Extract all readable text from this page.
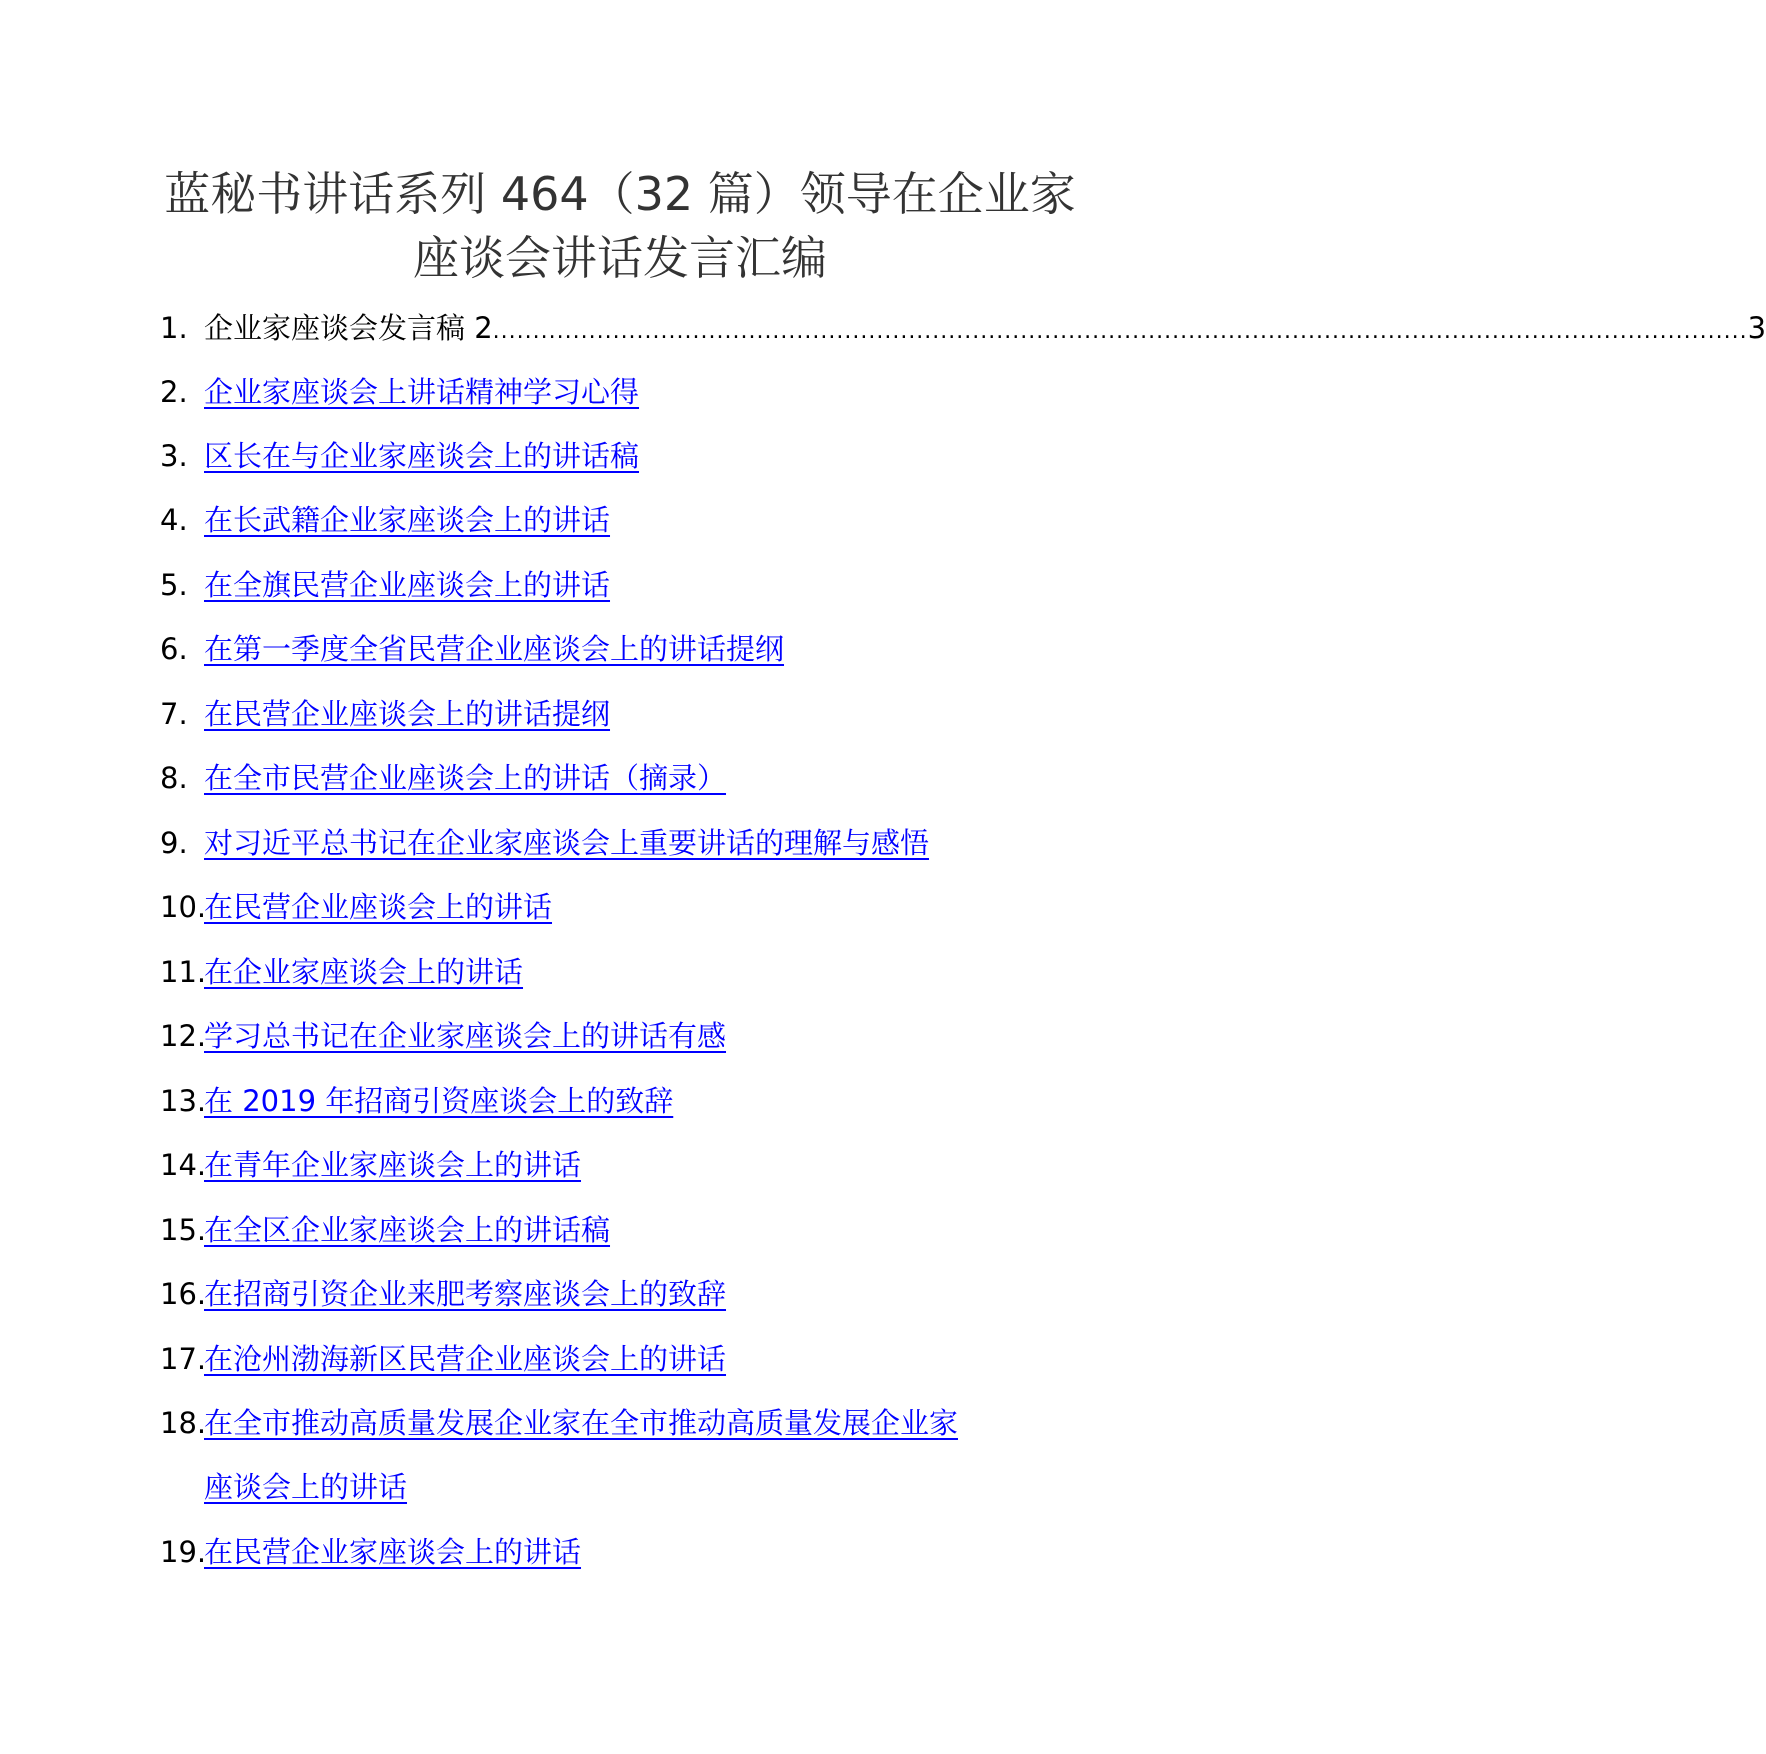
蓝秘书讲话系列 464（32 篇）领导在企业家
座谈会讲话发言汇编
1. 企业家座谈会发言稿 2 ............................................................................................................................................................. 3
2. 企业家座谈会上讲话精神学习心得
3. 区长在与企业家座谈会上的讲话稿
4. 在长武籍企业家座谈会上的讲话
5. 在全旗民营企业座谈会上的讲话
6. 在第一季度全省民营企业座谈会上的讲话提纲
7. 在民营企业座谈会上的讲话提纲
8. 在全市民营企业座谈会上的讲话（摘录）
9. 对习近平总书记在企业家座谈会上重要讲话的理解与感悟
10.
在民营企业座谈会上的讲话
11.
在企业家座谈会上的讲话
12.
学习总书记在企业家座谈会上的讲话有感
13.
在 2019 年招商引资座谈会上的致辞
14.
在青年企业家座谈会上的讲话
15.
在全区企业家座谈会上的讲话稿
16.
在招商引资企业来肥考察座谈会上的致辞
17.
在沧州渤海新区民营企业座谈会上的讲话
18.
在全市推动高质量发展企业家在全市推动高质量发展企业家
座谈会上的讲话
19.
在民营企业家座谈会上的讲话
